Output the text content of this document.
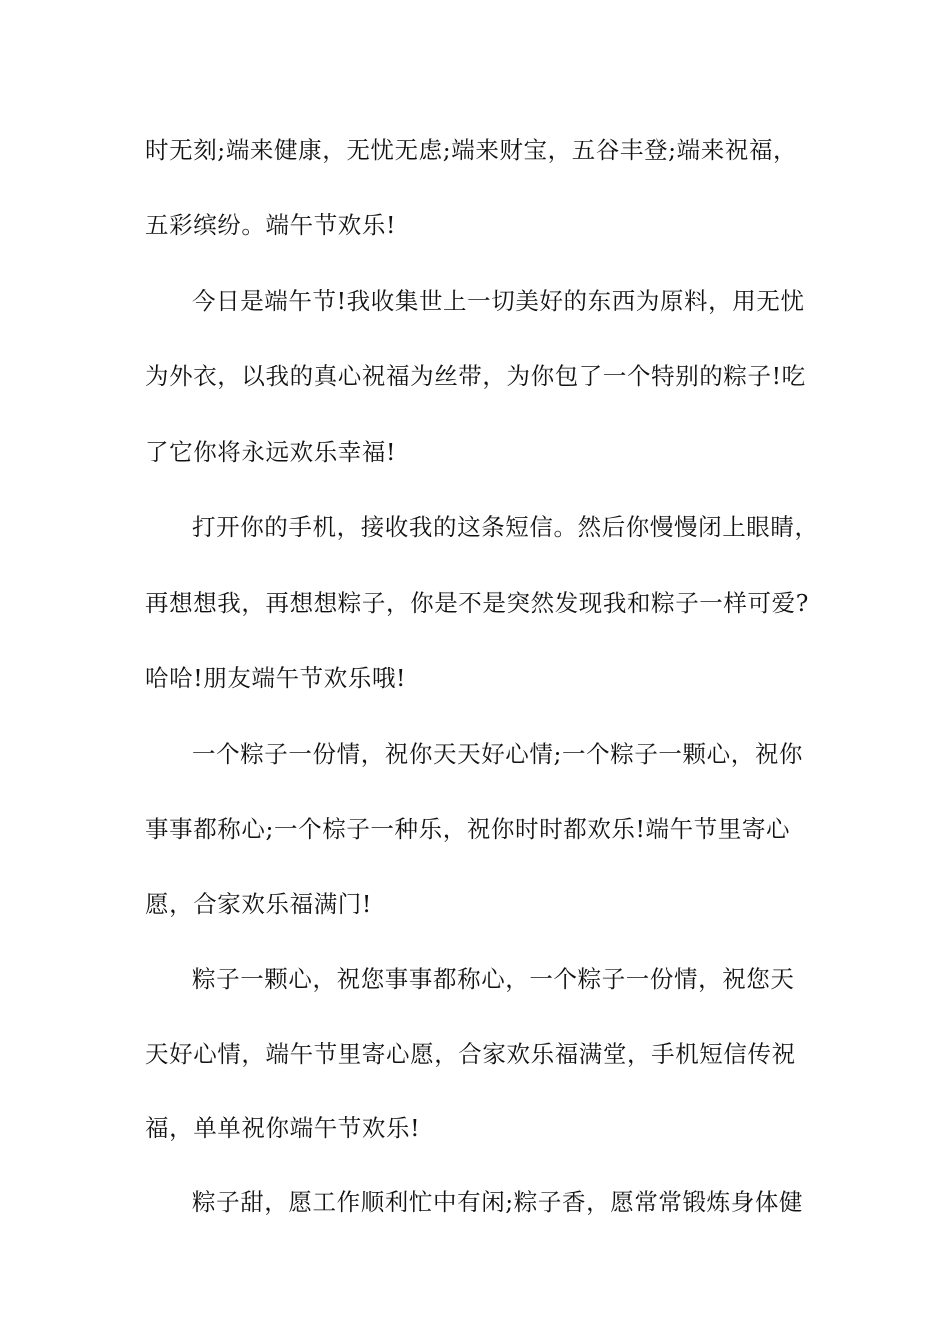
时无刻;端来健康，无忧无虑;端来财宝，五谷丰登;端来祝福，
五彩缤纷。端午节欢乐!
今日是端午节!我收集世上一切美好的东西为原料，用无忧
为外衣，以我的真心祝福为丝带，为你包了一个特别的粽子!吃
了它你将永远欢乐幸福!
打开你的手机，接收我的这条短信。然后你慢慢闭上眼睛，
再想想我，再想想粽子，你是不是突然发现我和粽子一样可爱?
哈哈!朋友端午节欢乐哦!
一个粽子一份情，祝你天天好心情;一个粽子一颗心，祝你
事事都称心;一个棕子一种乐，祝你时时都欢乐!端午节里寄心
愿，合家欢乐福满门!
粽子一颗心，祝您事事都称心，一个粽子一份情，祝您天
天好心情，端午节里寄心愿，合家欢乐福满堂，手机短信传祝
福，单单祝你端午节欢乐!
粽子甜，愿工作顺利忙中有闲;粽子香，愿常常锻炼身体健
